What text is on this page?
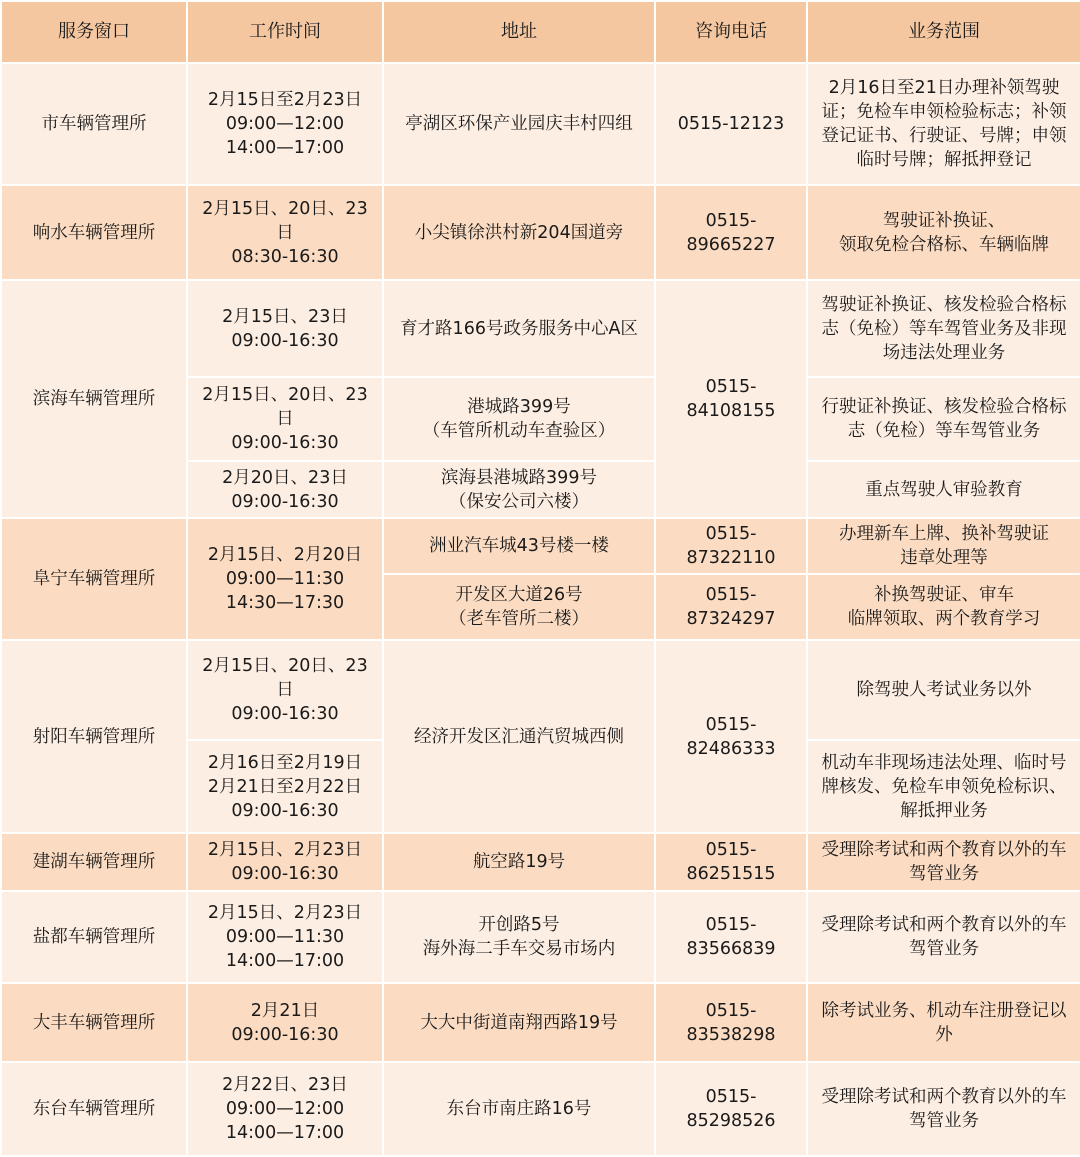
服务窗口	工作时间	地址	咨询电话	业务范围
市车辆管理所	2月15日至2月23日
09:00—12:00
14:00—17:00	亭湖区环保产业园庆丰村四组	0515-12123	2月16日至21日办理补领驾驶证；免检车申领检验标志；补领登记证书、行驶证、号牌；申领临时号牌；解抵押登记
响水车辆管理所	2月15日、20日、23日
08:30-16:30	小尖镇徐洪村新204国道旁	0515-89665227	驾驶证补换证、
领取免检合格标、车辆临牌
滨海车辆管理所	2月15日、23日
09:00-16:30	育才路166号政务服务中心A区	0515-84108155	驾驶证补换证、核发检验合格标志（免检）等车驾管业务及非现场违法处理业务
	2月15日、20日、23日
09:00-16:30	港城路399号
（车管所机动车查验区）		行驶证补换证、核发检验合格标志（免检）等车驾管业务
	2月20日、23日
09:00-16:30	滨海县港城路399号
（保安公司六楼）		重点驾驶人审验教育
阜宁车辆管理所	2月15日、2月20日
09:00—11:30
14:30—17:30	洲业汽车城43号楼一楼	0515-87322110	办理新车上牌、换补驾驶证
违章处理等
		开发区大道26号
（老车管所二楼）	0515-87324297	补换驾驶证、审车
临牌领取、两个教育学习
射阳车辆管理所	2月15日、20日、23日
09:00-16:30	经济开发区汇通汽贸城西侧	0515-82486333	除驾驶人考试业务以外
	2月16日至2月19日
2月21日至2月22日
09:00-16:30			机动车非现场违法处理、临时号牌核发、免检车申领免检标识、解抵押业务
建湖车辆管理所	2月15日、2月23日
09:00-16:30	航空路19号	0515-86251515	受理除考试和两个教育以外的车驾管业务
盐都车辆管理所	2月15日、2月23日
09:00—11:30
14:00—17:00	开创路5号
海外海二手车交易市场内	0515-83566839	受理除考试和两个教育以外的车驾管业务
大丰车辆管理所	2月21日
09:00-16:30	大大中街道南翔西路19号	0515-83538298	除考试业务、机动车注册登记以外
东台车辆管理所	2月22日、23日
09:00—12:00
14:00—17:00	东台市南庄路16号	0515-85298526	受理除考试和两个教育以外的车驾管业务
